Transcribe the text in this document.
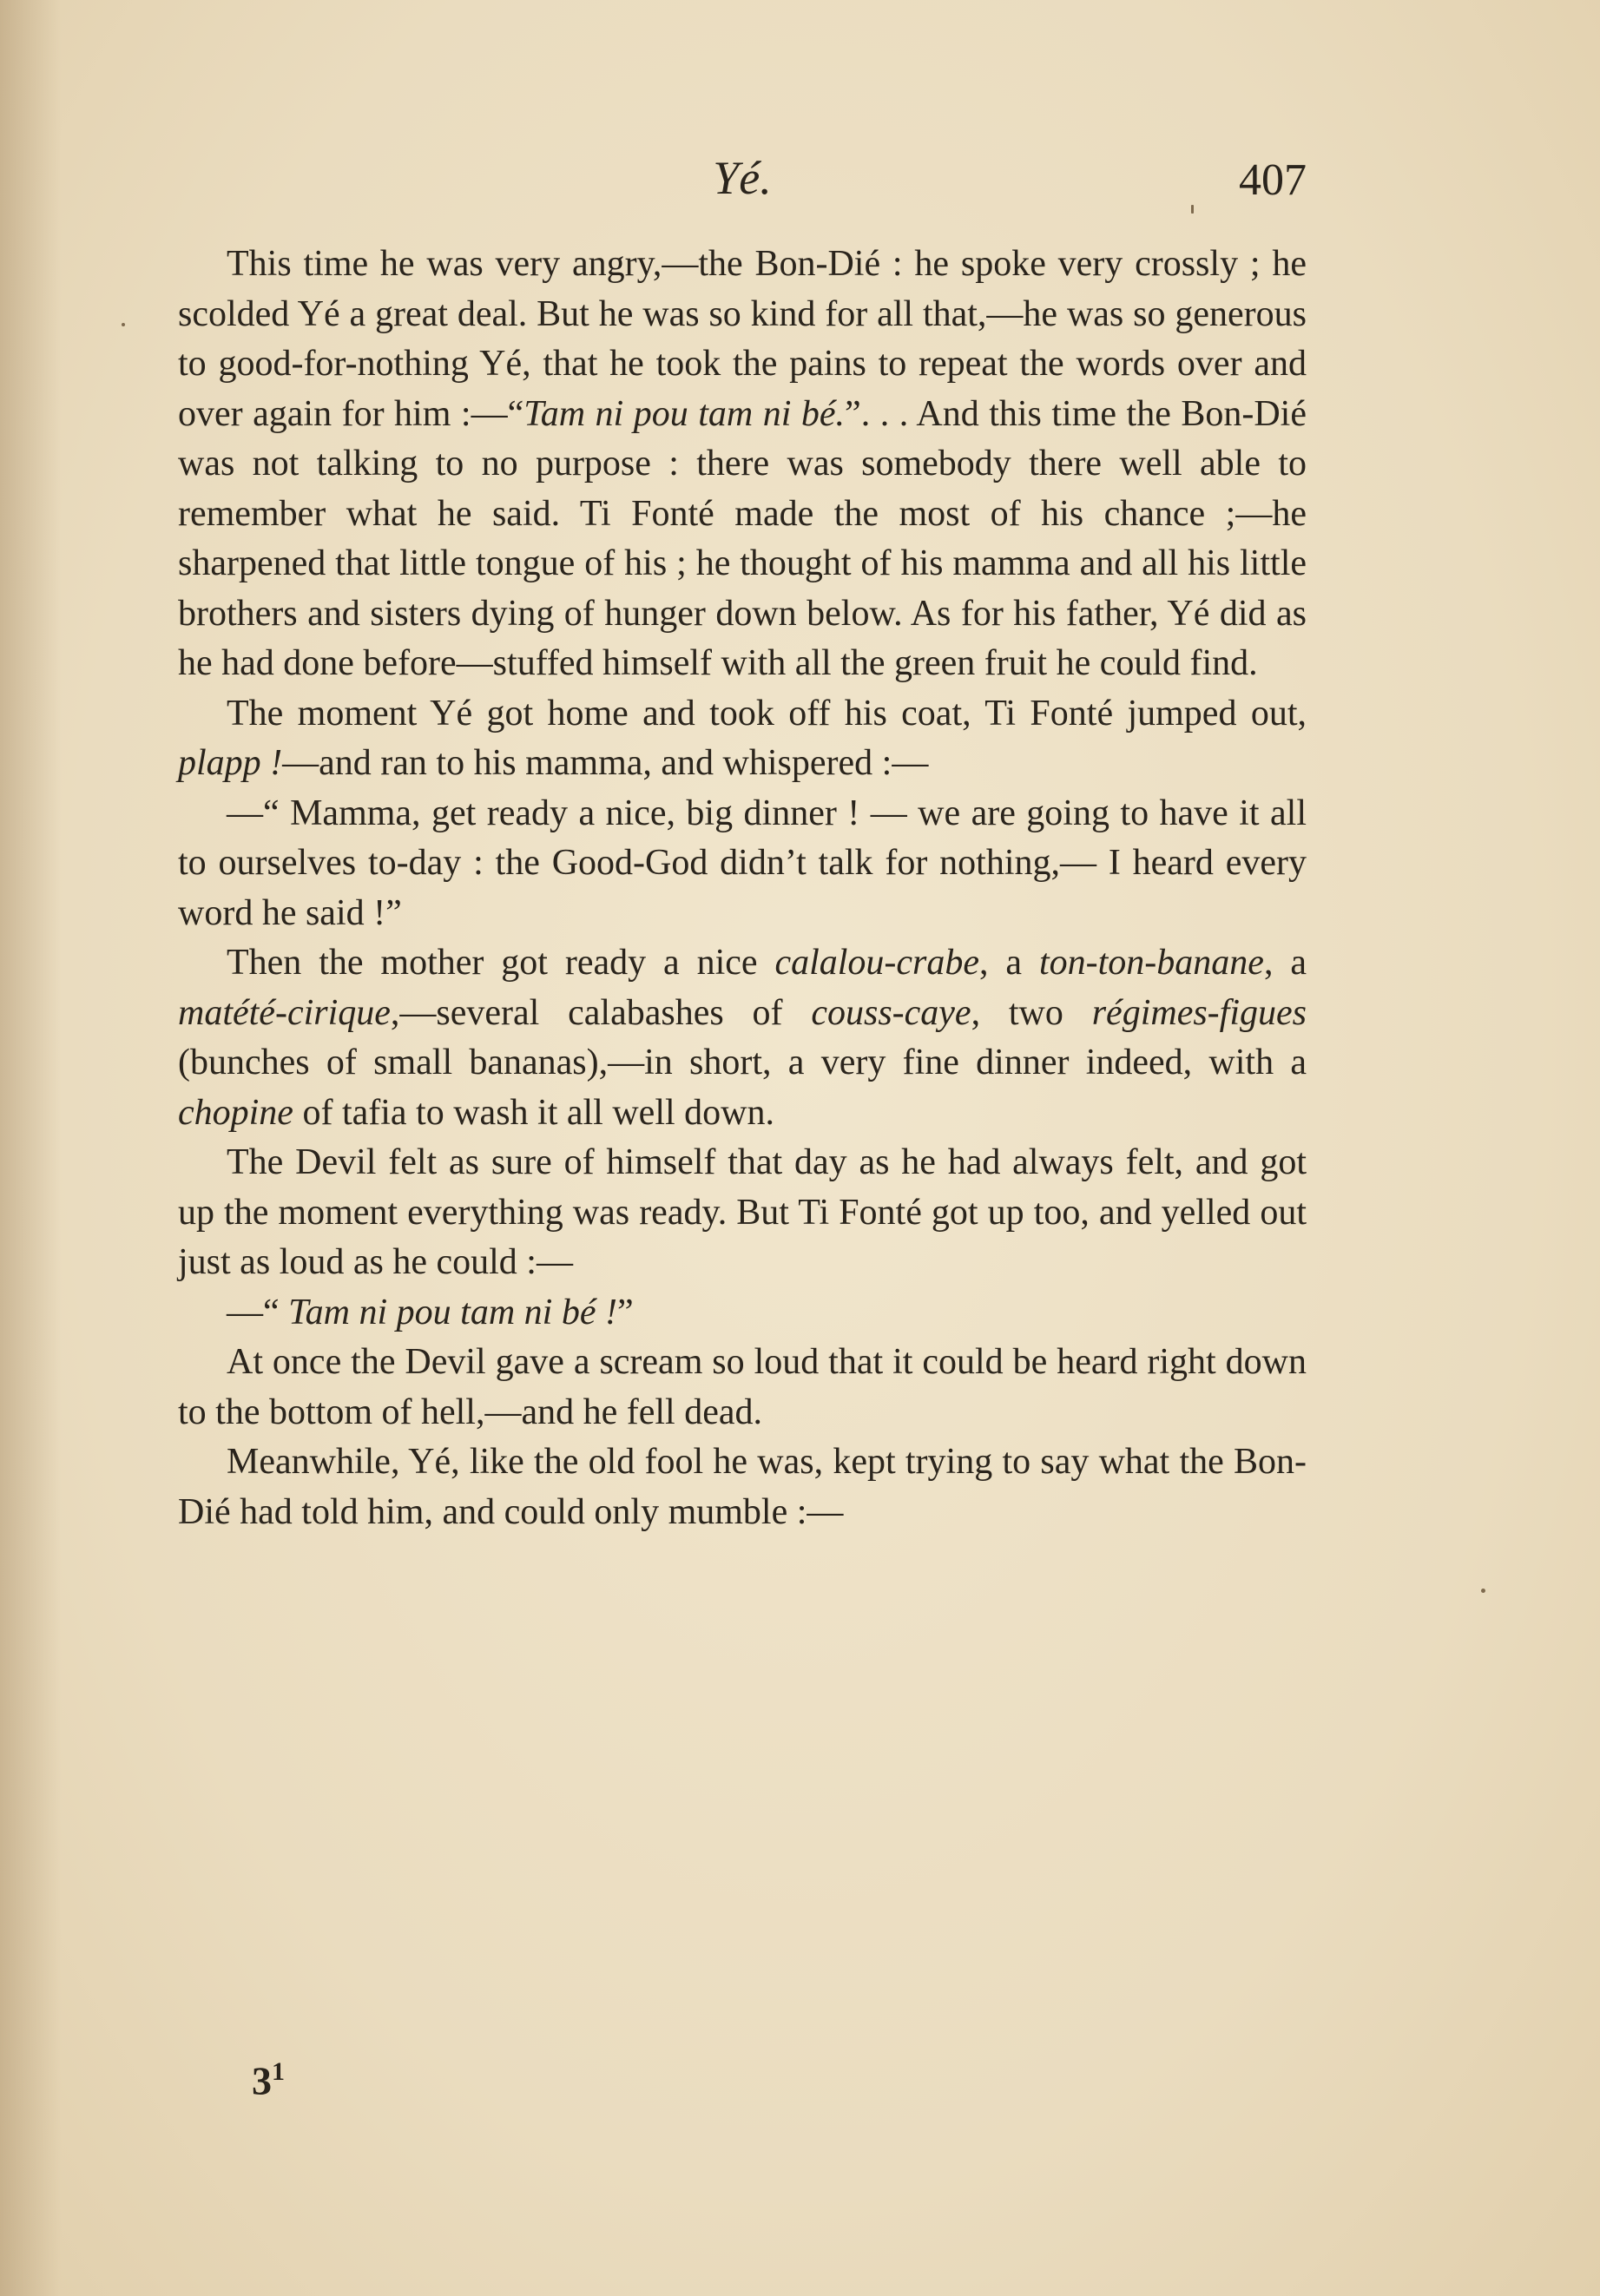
Yé.	407

This time he was very angry,—the Bon-Dié : he spoke very crossly ; he scolded Yé a great deal. But he was so kind for all that,—he was so generous to good-for-nothing Yé, that he took the pains to repeat the words over and over again for him :—“Tam ni pou tam ni bé.”. . . And this time the Bon-Dié was not talking to no purpose : there was somebody there well able to remember what he said. Ti Fonté made the most of his chance ;—he sharpened that little tongue of his ; he thought of his mamma and all his little brothers and sisters dying of hunger down below. As for his father, Yé did as he had done before—stuffed himself with all the green fruit he could find.

The moment Yé got home and took off his coat, Ti Fonté jumped out, plapp !—and ran to his mamma, and whispered :—

—“ Mamma, get ready a nice, big dinner ! — we are going to have it all to ourselves to-day : the Good-God didn’t talk for nothing,— I heard every word he said !”

Then the mother got ready a nice calalou-crabe, a ton-ton-banane, a matété-cirique,—several calabashes of couss-caye, two régimes-figues (bunches of small bananas),—in short, a very fine dinner indeed, with a chopine of tafia to wash it all well down.

The Devil felt as sure of himself that day as he had always felt, and got up the moment everything was ready. But Ti Fonté got up too, and yelled out just as loud as he could :—

—“ Tam ni pou tam ni bé !”

At once the Devil gave a scream so loud that it could be heard right down to the bottom of hell,—and he fell dead.

Meanwhile, Yé, like the old fool he was, kept trying to say what the Bon-Dié had told him, and could only mumble :—

$3^1$
